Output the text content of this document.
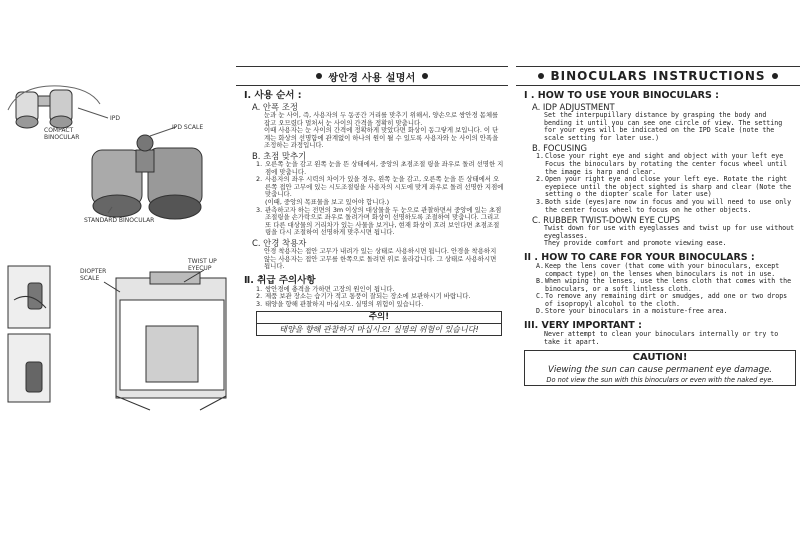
COMPACT
BINOCULAR
IPD
IPD SCALE
STANDARD BINOCULAR
DIOPTER
SCALE
TWIST UP
EYECUP
쌍안경 사용 설명서
Ⅰ. 사용 순서 :
A. 안폭 조정
눈과 눈 사이, 즉, 사용자의 두 동공간 거리를 맞추기 위해서, 양손으로 쌍안경 몸체를 잡고 오므렸다 멀처서 눈 사이의 간격을 정확히 맞춥니다.
이때 사용자는 눈 사이의 간격에 정확하게 맞았다면 화상이 동그랗게 보입니다. 이 단계는 화상의 선명함에 관계없이 하나의 원이 될 수 있도록 사용자와 눈 사이의 안폭을 조정하는 과정입니다.
B. 초점 맞추기
1. 오른쪽 눈을 감고 왼쪽 눈을 뜬 상태에서, 중앙의 초점조절 링을 좌우로 돌려 선명한 지점에 맞춥니다.
2. 사용자의 좌우 시력의 차이가 있을 경우, 왼쪽 눈을 감고, 오른쪽 눈을 뜬 상태에서 오른쪽 접안 고무에 있는 시도조절링을 사용자의 시도에 맞게 좌우로 돌려 선명한 지점에 맞춥니다.
(이때, 중앙의 목표물을 보고 있어야 합니다.)
3. 관측하고자 하는 전면의 3m 이상의 대상물을 두 눈으로 관찰하면서 중앙에 있는 초점조절링을 손가락으로 좌우로 돌려가며 화상이 선명하도록 조절하여 맞춥니다. 그리고 또 다른 대상물의 거리차가 있는 사물을 보거나, 현재 화상이 흐려 보인다면 초점조절링을 다시 조절하여 선명하게 맞추시면 됩니다.
C. 안경 착용자
안경 착용자는 접안 고무가 내려가 있는 상태로 사용하시면 됩니다. 안경을 착용하지 않는 사용자는 접안 고무를 한쪽으로 돌려면 위로 올라갑니다. 그 상태로 사용하시면 됩니다.
Ⅱ. 취급 주의사항
1. 쌍안경에 충격을 가하면 고장의 원인이 됩니다.
2. 제품 보관 장소는 습기가 적고 통풍이 잘되는 장소에 보관하시기 바랍니다.
3. 태양을 향해 관찰하지 마십시오. 실명의 위험이 있습니다.
주의!
태양을 향해 관찰하지 마십시오! 실명의 위험이 있습니다!
BINOCULARS INSTRUCTIONS
I . HOW TO USE YOUR BINOCULARS :
A. IDP ADJUSTMENT
Set the interpupillary distance by grasping the body and bending it until you can see one circle of view. The setting for your eyes will be indicated on the IPD Scale (note the scale setting for later use.)
B. FOCUSING
1. Close your right eye and sight and object with your left eye Focus the binoculars by rotating the center focus wheel until the image is harp and clear.
2. Open your right eye and close your left eye. Rotate the right eyepiece until the object sighted is sharp and clear (Note the setting o the diopter scale for later use)
3. Both side (eyes)are now in focus and you will need to use only the center focus wheel to focus on he other objects.
C. RUBBER TWIST-DOWN EYE CUPS
Twist down for use with eyeglasses and twist up for use without eyeglasses.
They provide comfort and promote viewing ease.
II . HOW TO CARE FOR YOUR BINOCULARS :
A. Keep the lens cover (that come with your binoculars, except compact type) on the lenses when binoculars is not in use.
B. When wiping the lenses, use the lens cloth that comes with the binoculars, or a soft lintless cloth.
C. To remove any remaining dirt or smudges, add one or two drops of isopropyl alcohol to the cloth.
D. Store your binoculars in a moisture-free area.
III. VERY IMPORTANT :
Never attempt to clean your binoculars internally or try to take it apart.
CAUTION!
Viewing the sun can cause permanent eye damage.
Do not view the sun with this binoculars or even with the naked eye.
